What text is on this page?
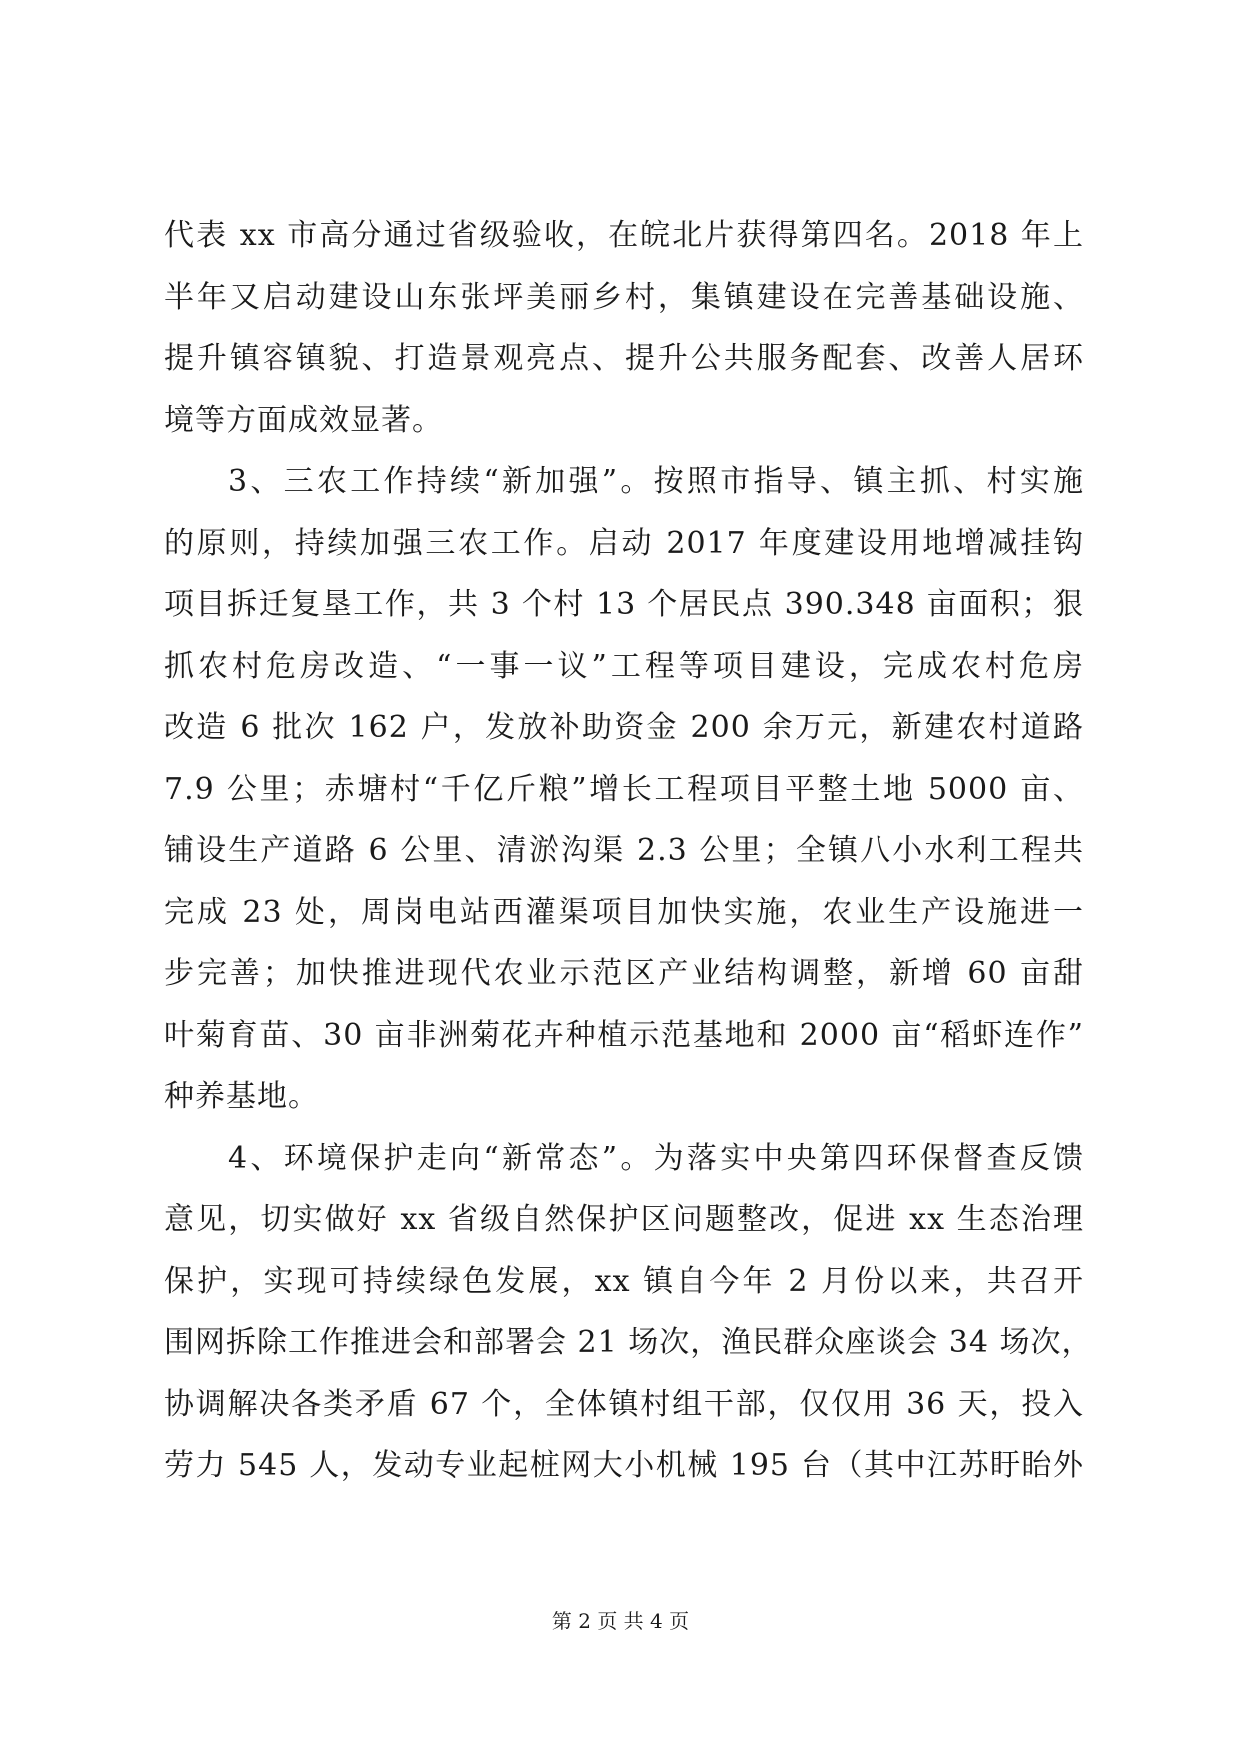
代表 xx 市高分通过省级验收，在皖北片获得第四名。2018 年上
半年又启动建设山东张坪美丽乡村，集镇建设在完善基础设施、
提升镇容镇貌、打造景观亮点、提升公共服务配套、改善人居环
境等方面成效显著。
3、三农工作持续“新加强”。按照市指导、镇主抓、村实施
的原则，持续加强三农工作。启动 2017 年度建设用地增减挂钩
项目拆迁复垦工作，共 3 个村 13 个居民点 390.348 亩面积；狠
抓农村危房改造、“一事一议”工程等项目建设，完成农村危房
改造 6 批次 162 户，发放补助资金 200 余万元，新建农村道路
7.9 公里；赤塘村“千亿斤粮”增长工程项目平整土地 5000 亩、
铺设生产道路 6 公里、清淤沟渠 2.3 公里；全镇八小水利工程共
完成 23 处，周岗电站西灌渠项目加快实施，农业生产设施进一
步完善；加快推进现代农业示范区产业结构调整，新增 60 亩甜
叶菊育苗、30 亩非洲菊花卉种植示范基地和 2000 亩“稻虾连作”
种养基地。
4、环境保护走向“新常态”。为落实中央第四环保督查反馈
意见，切实做好 xx 省级自然保护区问题整改，促进 xx 生态治理
保护，实现可持续绿色发展，xx 镇自今年 2 月份以来，共召开
围网拆除工作推进会和部署会 21 场次，渔民群众座谈会 34 场次，
协调解决各类矛盾 67 个，全体镇村组干部，仅仅用 36 天，投入
劳力 545 人，发动专业起桩网大小机械 195 台（其中江苏盱眙外
第 2 页 共 4 页
